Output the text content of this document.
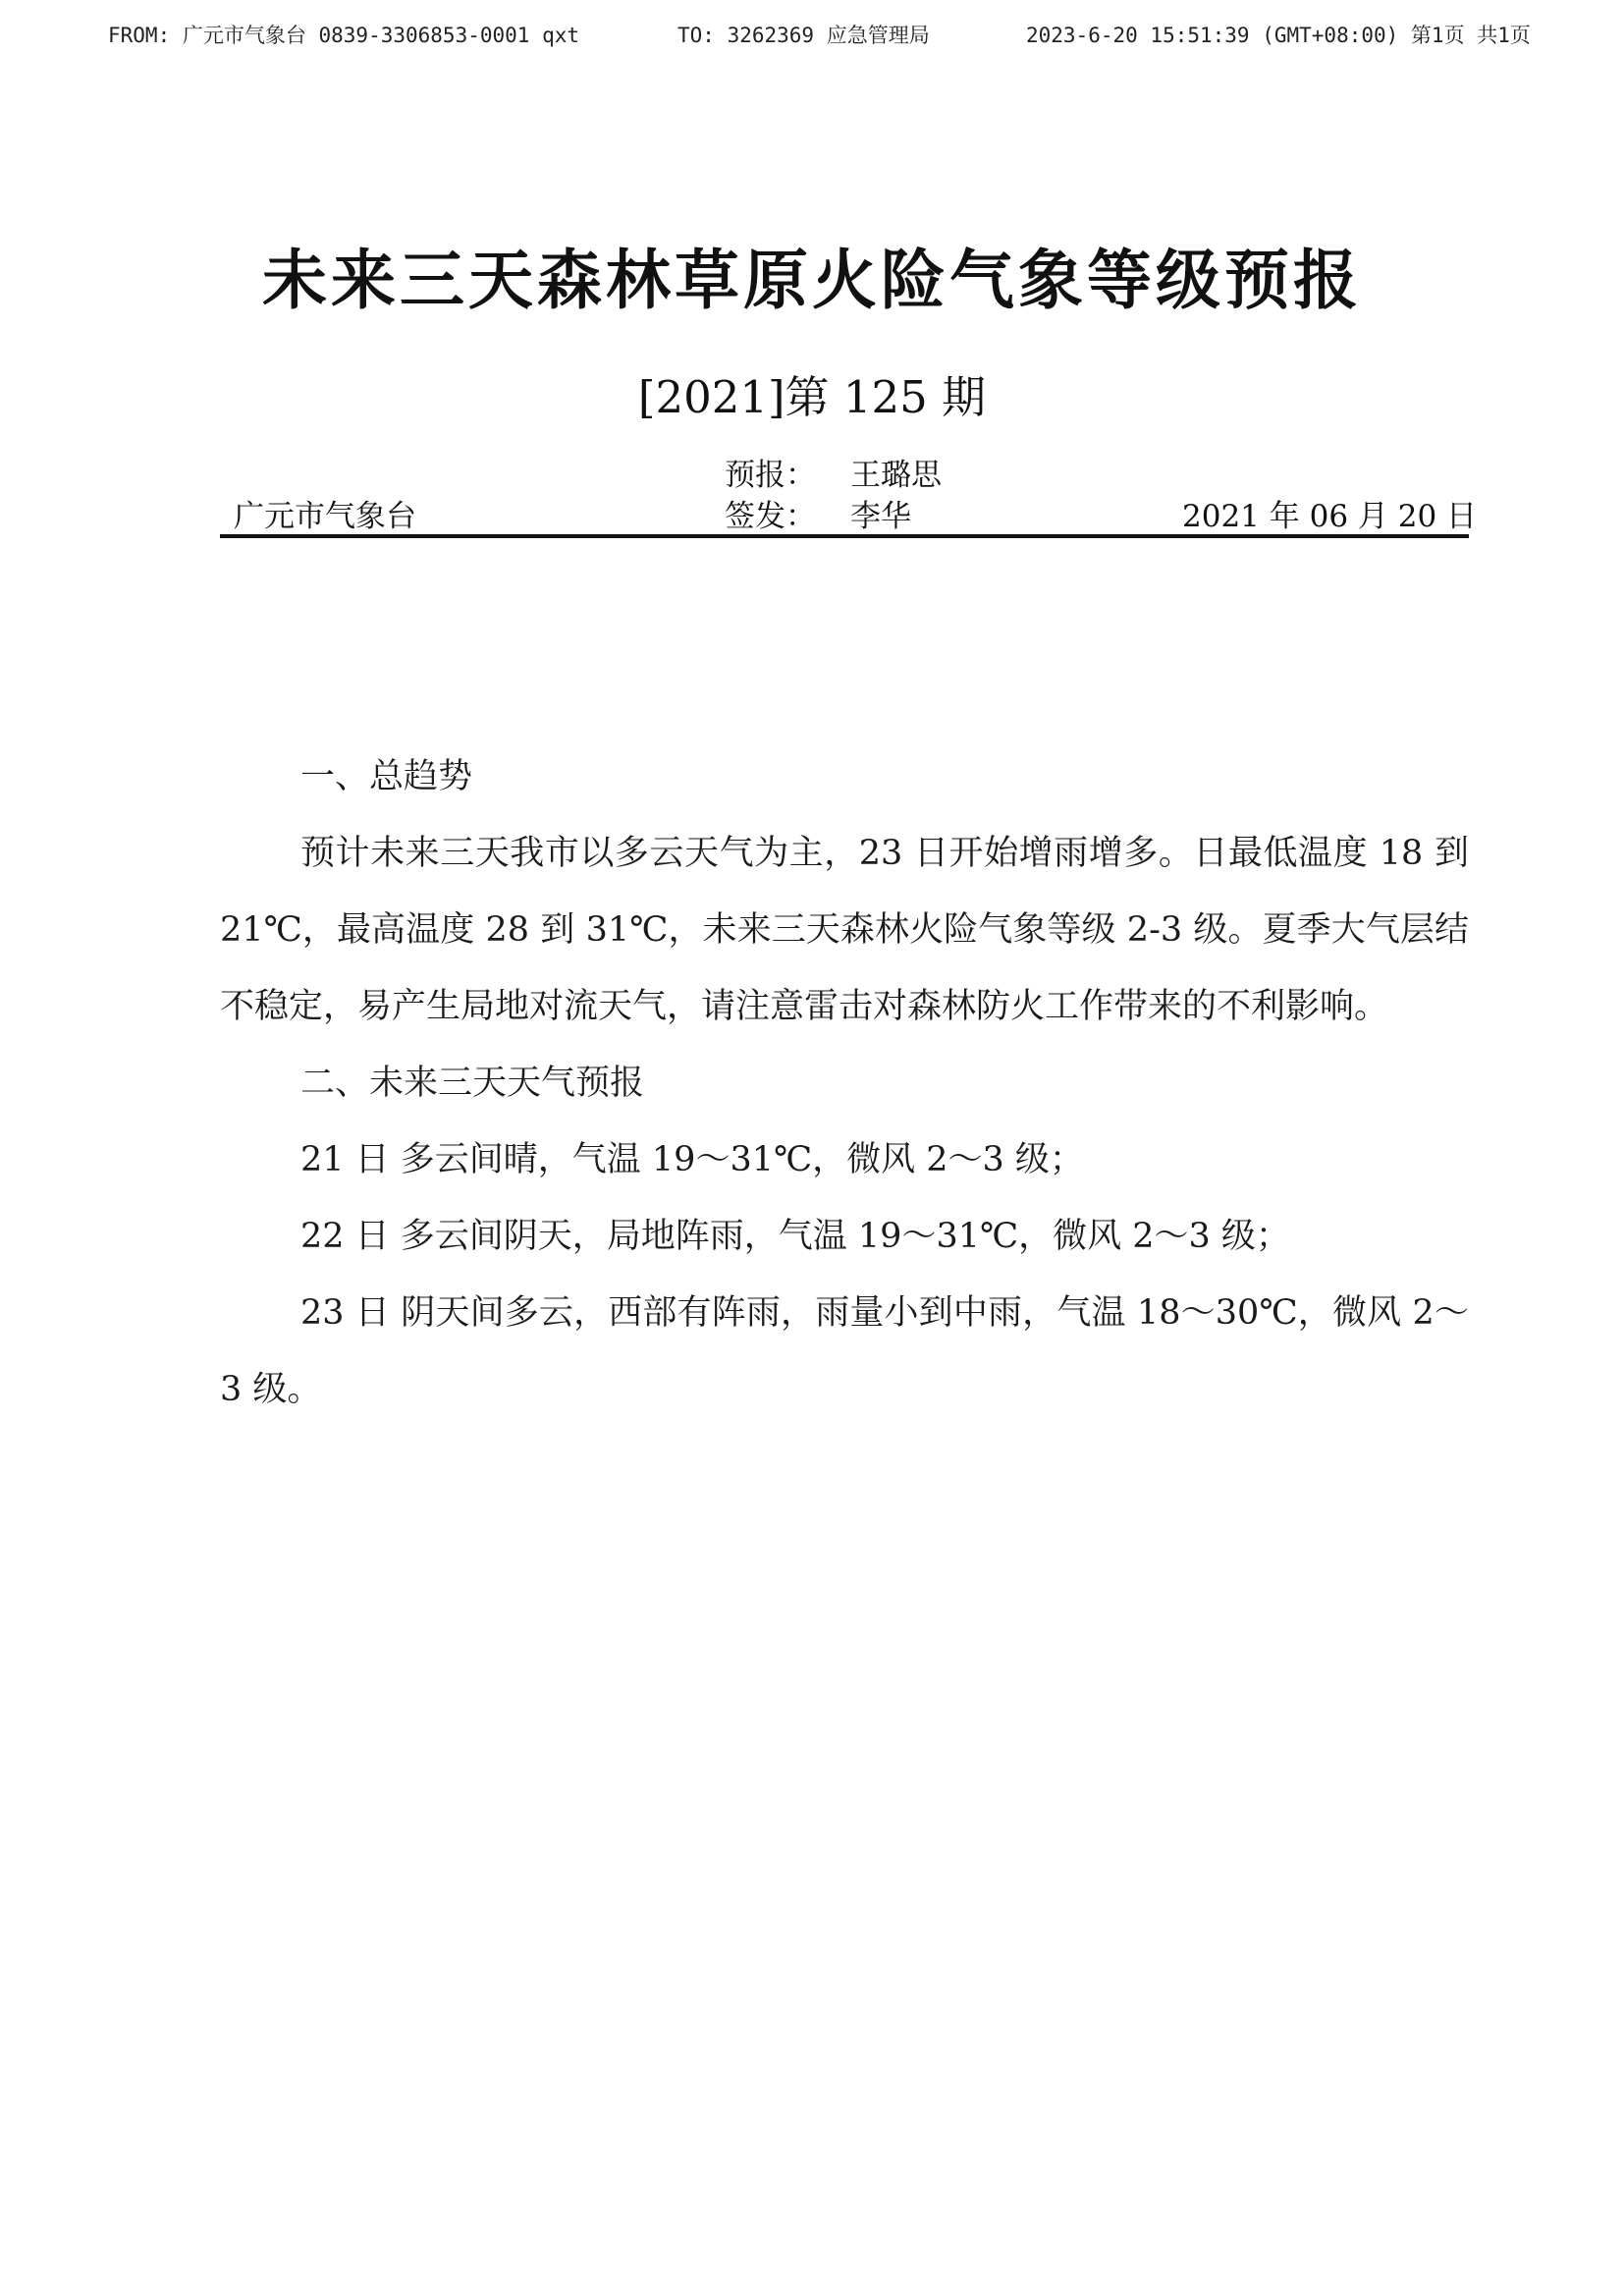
FROM: 广元市气象台 0839-3306853-0001 qxt	TO: 3262369 应急管理局	2023-6-20 15:51:39 (GMT+08:00) 第1页 共1页
未来三天森林草原火险气象等级预报
[2021]第 125 期
预报： 王璐思
签发： 李华
广元市气象台	2021 年 06 月 20 日

一、总趋势

预计未来三天我市以多云天气为主，23 日开始增雨增多。日最低温度 18 到 21℃，最高温度 28 到 31℃，未来三天森林火险气象等级 2-3 级。夏季大气层结不稳定，易产生局地对流天气，请注意雷击对森林防火工作带来的不利影响。

二、未来三天天气预报

21 日 多云间晴，气温 19～31℃，微风 2～3 级；

22 日 多云间阴天，局地阵雨，气温 19～31℃，微风 2～3 级；

23 日 阴天间多云，西部有阵雨，雨量小到中雨，气温 18～30℃，微风 2～3 级。
